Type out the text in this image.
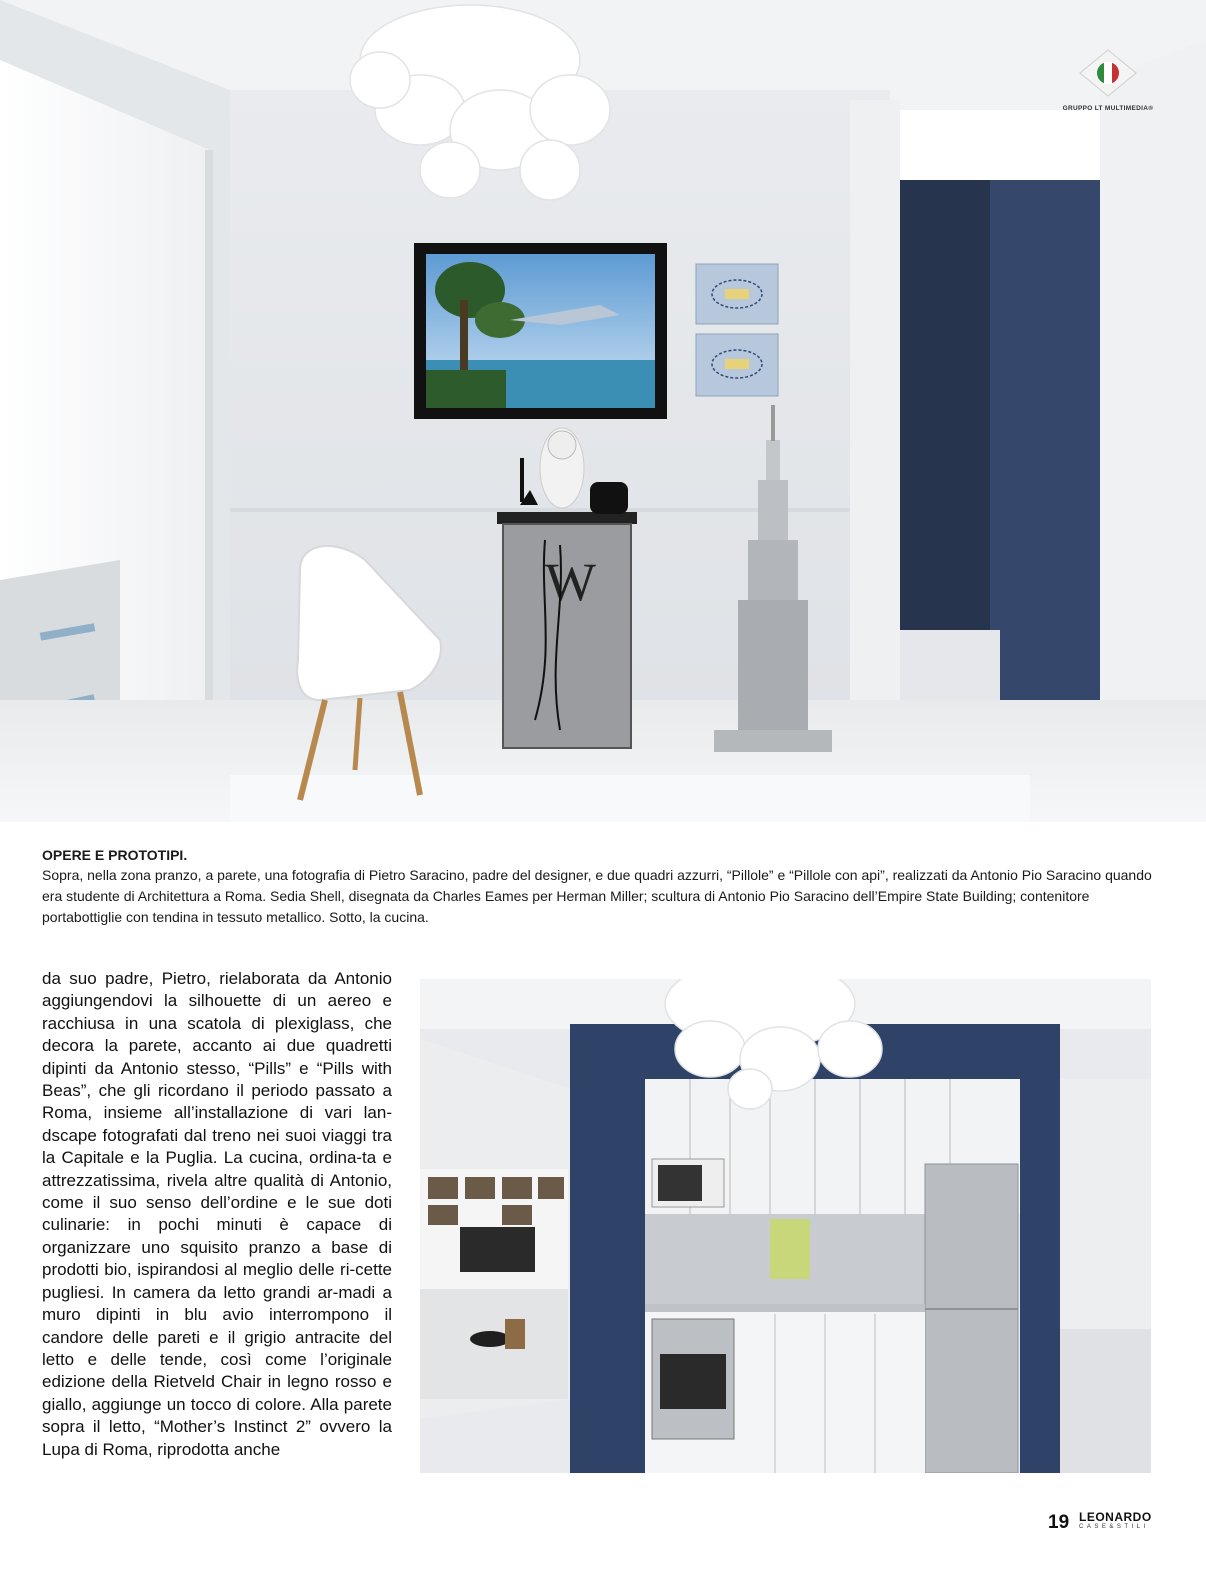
W
GRUPPO LT MULTIMEDIA®
OPERE E PROTOTIPI.
Sopra, nella zona pranzo, a parete, una fotografia di Pietro Saracino, padre del designer, e due quadri azzurri, “Pillole” e “Pillole con api”, realizzati da Antonio Pio Saracino quando era studente di Architettura a Roma. Sedia Shell, disegnata da Charles Eames per Herman Miller; scultura di Antonio Pio Saracino dell’Empire State Building; contenitore portabottiglie con tendina in tessuto metallico. Sotto, la cucina.

da suo padre, Pietro, rielaborata da Antonio aggiungendovi la silhouette di un aereo e racchiusa in una scatola di plexiglass, che decora la parete, accanto ai due quadretti dipinti da Antonio stesso, “Pills” e “Pills with Beas”, che gli ricordano il periodo passato a Roma, insieme all’installazione di vari lan-dscape fotografati dal treno nei suoi viaggi tra la Capitale e la Puglia. La cucina, ordina-ta e attrezzatissima, rivela altre qualità di Antonio, come il suo senso dell’ordine e le sue doti culinarie: in pochi minuti è capace di organizzare uno squisito pranzo a base di prodotti bio, ispirandosi al meglio delle ri-cette pugliesi. In camera da letto grandi ar-madi a muro dipinti in blu avio interrompono il candore delle pareti e il grigio antracite del letto e delle tende, così come l’originale edizione della Rietveld Chair in legno rosso e giallo, aggiunge un tocco di colore. Alla parete sopra il letto, “Mother’s Instinct 2” ovvero la Lupa di Roma, riprodotta anche

19 LEONARDO
CASE&STILI
